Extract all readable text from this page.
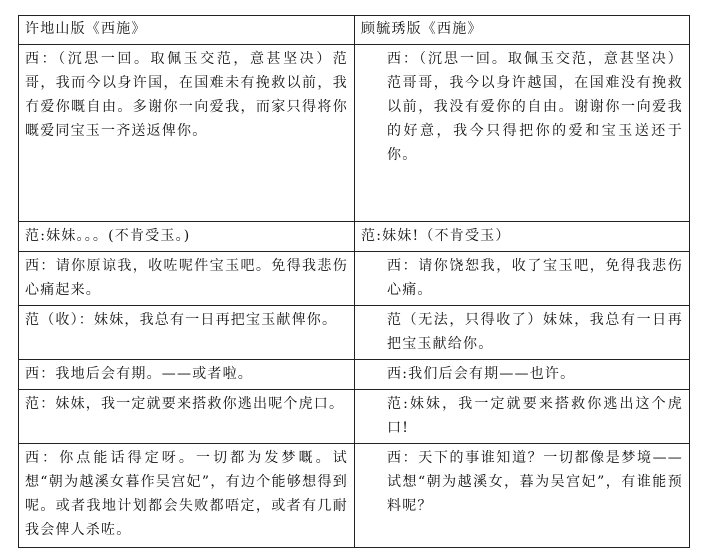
许地山版《西施》	顾毓琇版《西施》
西：（沉思一回。取佩玉交范，意甚坚决）范哥，我而今以身许国，在国难未有挽救以前，我冇爱你嘅自由。多谢你一向爱我，而家只得将你嘅爱同宝玉一齐送返俾你。	西：（沉思一回。取佩玉交范，意甚坚决）范哥哥，我今以身许越国，在国难没有挽救以前，我没有爱你的自由。谢谢你一向爱我的好意，我今只得把你的爱和宝玉送还于你。
范:妹妹。。。(不肯受玉。)	范:妹妹!（不肯受玉）
西：请你原谅我，收咗呢件宝玉吧。免得我悲伤心痛起来。	西：请你饶恕我，收了宝玉吧，免得我悲伤心痛。
范（收）：妹妹，我总有一日再把宝玉献俾你。	范（无法，只得收了）妹妹，我总有一日再把宝玉献给你。
西：我地后会有期。——或者啦。	西:我们后会有期——也许。
范：妹妹，我一定就要来搭救你逃出呢个虎口。	范:妹妹，我一定就要来搭救你逃出这个虎口!
西：你点能话得定呀。一切都为发梦嘅。试想“朝为越溪女暮作吴宫妃”，有边个能够想得到呢。或者我地计划都会失败都唔定，或者有几耐我会俾人杀咗。	西：天下的事谁知道？一切都像是梦境——试想“朝为越溪女，暮为吴宫妃”，有谁能预料呢？
